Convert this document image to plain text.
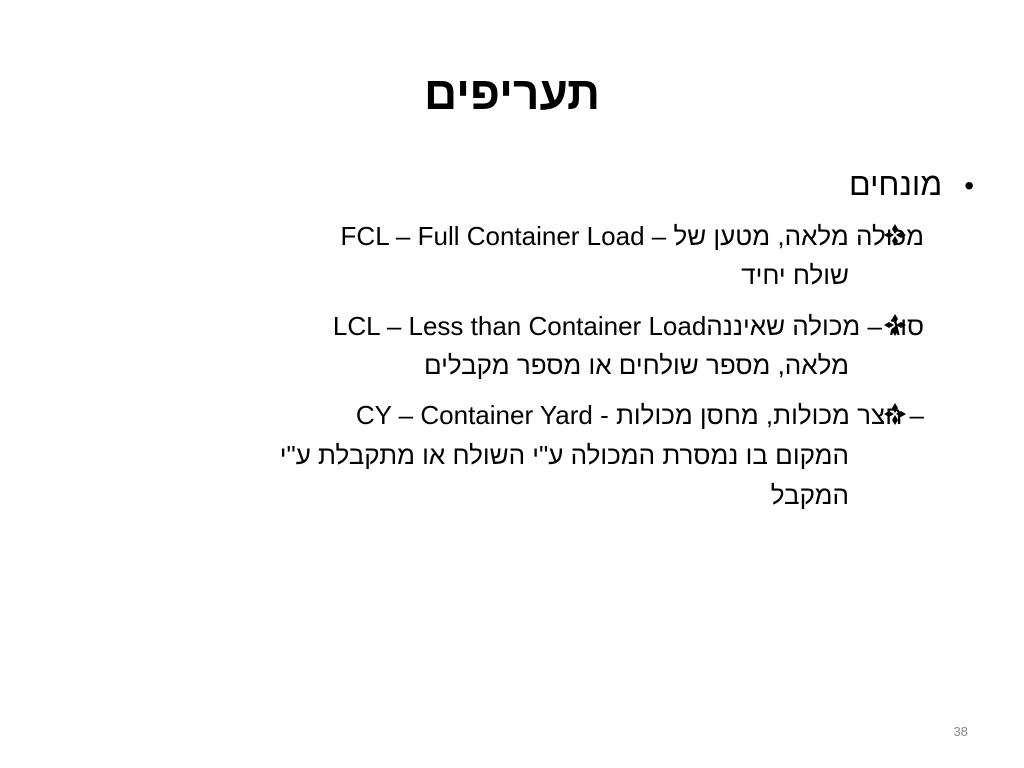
תעריפים
•מונחים
FCL – Full Container Load – מכולה מלאה, מטען של
שולח יחיד
LCL – Less than Container Loadסוג – מכולה שאיננה
מלאה, מספר שולחים או מספר מקבלים
CY – Container Yard - חצר מכולות, מחסן מכולות –
המקום בו נמסרת המכולה ע"י השולח או מתקבלת ע"י
המקבל
38
